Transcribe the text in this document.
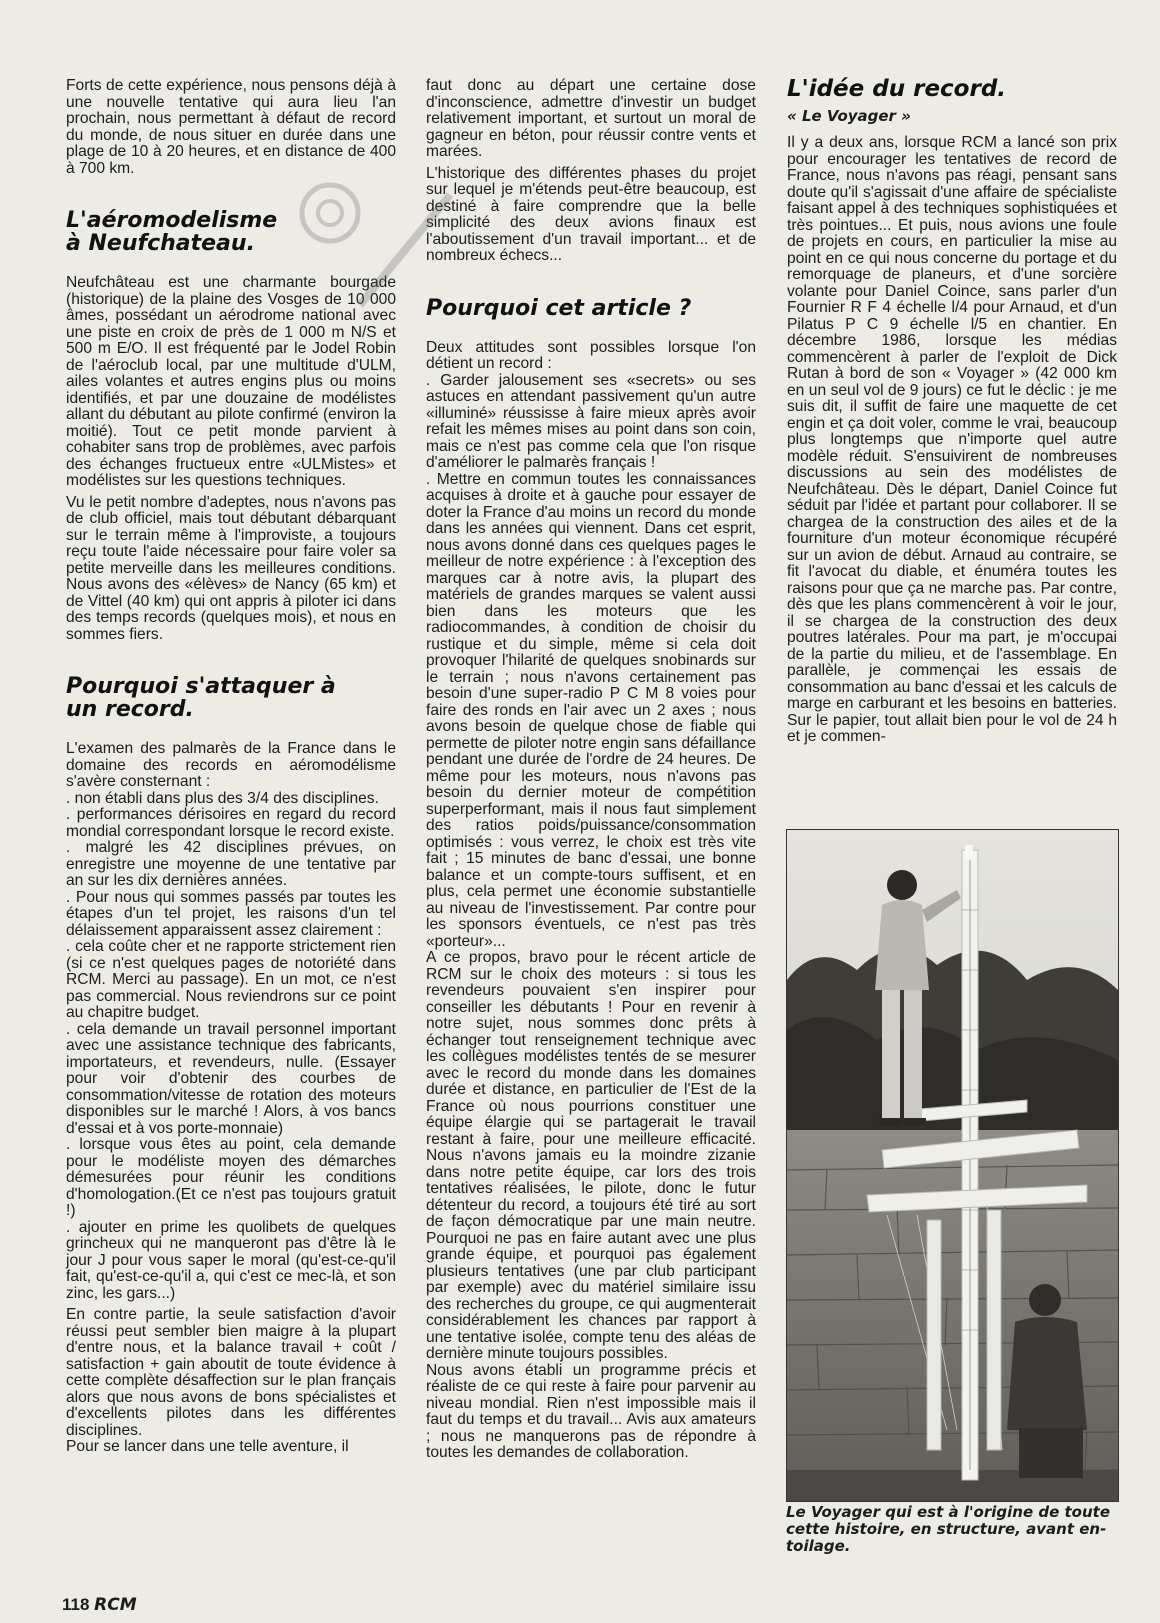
Forts de cette expérience, nous pensons déjà à une nouvelle tentative qui aura lieu l'an prochain, nous permettant à défaut de record du monde, de nous situer en durée dans une plage de 10 à 20 heures, et en distance de 400 à 700 km.

L'aéromodelisme
à Neufchateau.

Neufchâteau est une charmante bourgade (historique) de la plaine des Vosges de 10 000 âmes, possédant un aérodrome national avec une piste en croix de près de 1 000 m N/S et 500 m E/O. Il est fréquenté par le Jodel Robin de l'aéroclub local, par une multitude d'ULM, ailes volantes et autres engins plus ou moins identifiés, et par une douzaine de modélistes allant du débutant au pilote confirmé (environ la moitié). Tout ce petit monde parvient à cohabiter sans trop de problèmes, avec parfois des échanges fructueux entre «ULMistes» et modélistes sur les questions techniques.

Vu le petit nombre d'adeptes, nous n'avons pas de club officiel, mais tout débutant débarquant sur le terrain même à l'improviste, a toujours reçu toute l'aide nécessaire pour faire voler sa petite merveille dans les meilleures conditions. Nous avons des «élèves» de Nancy (65 km) et de Vittel (40 km) qui ont appris à piloter ici dans des temps records (quelques mois), et nous en sommes fiers.

Pourquoi s'attaquer à
un record.

L'examen des palmarès de la France dans le domaine des records en aéromodélisme s'avère consternant :
. non établi dans plus des 3/4 des disciplines.
. performances dérisoires en regard du record mondial correspondant lorsque le record existe.
. malgré les 42 disciplines prévues, on enregistre une moyenne de une tentative par an sur les dix dernières années.
. Pour nous qui sommes passés par toutes les étapes d'un tel projet, les raisons d'un tel délaissement apparaissent assez clairement :
. cela coûte cher et ne rapporte strictement rien (si ce n'est quelques pages de notoriété dans RCM. Merci au passage). En un mot, ce n'est pas commercial. Nous reviendrons sur ce point au chapitre budget.
. cela demande un travail personnel important avec une assistance technique des fabricants, importateurs, et revendeurs, nulle. (Essayer pour voir d'obtenir des courbes de consommation/vitesse de rotation des moteurs disponibles sur le marché ! Alors, à vos bancs d'essai et à vos porte-monnaie)
. lorsque vous êtes au point, cela demande pour le modéliste moyen des démarches démesurées pour réunir les conditions d'homologation.(Et ce n'est pas toujours gratuit !)
. ajouter en prime les quolibets de quelques grincheux qui ne manqueront pas d'être là le jour J pour vous saper le moral (qu'est-ce-qu'il fait, qu'est-ce-qu'il a, qui c'est ce mec-là, et son zinc, les gars...)

En contre partie, la seule satisfaction d'avoir réussi peut sembler bien maigre à la plupart d'entre nous, et la balance travail + coût / satisfaction + gain aboutit de toute évidence à cette complète désaffection sur le plan français alors que nous avons de bons spécialistes et d'excellents pilotes dans les différentes disciplines.
Pour se lancer dans une telle aventure, il

faut donc au départ une certaine dose d'inconscience, admettre d'investir un budget relativement important, et surtout un moral de gagneur en béton, pour réussir contre vents et marées.

L'historique des différentes phases du projet sur lequel je m'étends peut-être beaucoup, est destiné à faire comprendre que la belle simplicité des deux avions finaux est l'aboutissement d'un travail important... et de nombreux échecs...

Pourquoi cet article ?

Deux attitudes sont possibles lorsque l'on détient un record :
. Garder jalousement ses «secrets» ou ses astuces en attendant passivement qu'un autre «illuminé» réussisse à faire mieux après avoir refait les mêmes mises au point dans son coin, mais ce n'est pas comme cela que l'on risque d'améliorer le palmarès français !
. Mettre en commun toutes les connaissances acquises à droite et à gauche pour essayer de doter la France d'au moins un record du monde dans les années qui viennent. Dans cet esprit, nous avons donné dans ces quelques pages le meilleur de notre expérience : à l'exception des marques car à notre avis, la plupart des matériels de grandes marques se valent aussi bien dans les moteurs que les radiocommandes, à condition de choisir du rustique et du simple, même si cela doit provoquer l'hilarité de quelques snobinards sur le terrain ; nous n'avons certainement pas besoin d'une super-radio P C M 8 voies pour faire des ronds en l'air avec un 2 axes ; nous avons besoin de quelque chose de fiable qui permette de piloter notre engin sans défaillance pendant une durée de l'ordre de 24 heures. De même pour les moteurs, nous n'avons pas besoin du dernier moteur de compétition superperformant, mais il nous faut simplement des ratios poids/puissance/consommation optimisés : vous verrez, le choix est très vite fait ; 15 minutes de banc d'essai, une bonne balance et un compte-tours suffisent, et en plus, cela permet une économie substantielle au niveau de l'investissement. Par contre pour les sponsors éventuels, ce n'est pas très «porteur»...
A ce propos, bravo pour le récent article de RCM sur le choix des moteurs : si tous les revendeurs pouvaient s'en inspirer pour conseiller les débutants ! Pour en revenir à notre sujet, nous sommes donc prêts à échanger tout renseignement technique avec les collègues modélistes tentés de se mesurer avec le record du monde dans les domaines durée et distance, en particulier de l'Est de la France où nous pourrions constituer une équipe élargie qui se partagerait le travail restant à faire, pour une meilleure efficacité. Nous n'avons jamais eu la moindre zizanie dans notre petite équipe, car lors des trois tentatives réalisées, le pilote, donc le futur détenteur du record, a toujours été tiré au sort de façon démocratique par une main neutre. Pourquoi ne pas en faire autant avec une plus grande équipe, et pourquoi pas également plusieurs tentatives (une par club participant par exemple) avec du matériel similaire issu des recherches du groupe, ce qui augmenterait considérablement les chances par rapport à une tentative isolée, compte tenu des aléas de dernière minute toujours possibles.
Nous avons établi un programme précis et réaliste de ce qui reste à faire pour parvenir au niveau mondial. Rien n'est impossible mais il faut du temps et du travail... Avis aux amateurs ; nous ne manquerons pas de répondre à toutes les demandes de collaboration.

L'idée du record.
« Le Voyager »

Il y a deux ans, lorsque RCM a lancé son prix pour encourager les tentatives de record de France, nous n'avons pas réagi, pensant sans doute qu'il s'agissait d'une affaire de spécialiste faisant appel à des techniques sophistiquées et très pointues... Et puis, nous avions une foule de projets en cours, en particulier la mise au point en ce qui nous concerne du portage et du remorquage de planeurs, et d'une sorcière volante pour Daniel Coince, sans parler d'un Fournier R F 4 échelle l/4 pour Arnaud, et d'un Pilatus P C 9 échelle l/5 en chantier. En décembre 1986, lorsque les médias commencèrent à parler de l'exploit de Dick Rutan à bord de son « Voyager » (42 000 km en un seul vol de 9 jours) ce fut le déclic : je me suis dit, il suffit de faire une maquette de cet engin et ça doit voler, comme le vrai, beaucoup plus longtemps que n'importe quel autre modèle réduit. S'ensuivirent de nombreuses discussions au sein des modélistes de Neufchâteau. Dès le départ, Daniel Coince fut séduit par l'idée et partant pour collaborer. Il se chargea de la construction des ailes et de la fourniture d'un moteur économique récupéré sur un avion de début. Arnaud au contraire, se fit l'avocat du diable, et énuméra toutes les raisons pour que ça ne marche pas. Par contre, dès que les plans commencèrent à voir le jour, il se chargea de la construction des deux poutres latérales. Pour ma part, je m'occupai de la partie du milieu, et de l'assemblage. En parallèle, je commençai les essais de consommation au banc d'essai et les calculs de marge en carburant et les besoins en batteries. Sur le papier, tout allait bien pour le vol de 24 h et je commen-

Le Voyager qui est à l'origine de toute
cette histoire, en structure, avant en-
toilage.
118 RCM
